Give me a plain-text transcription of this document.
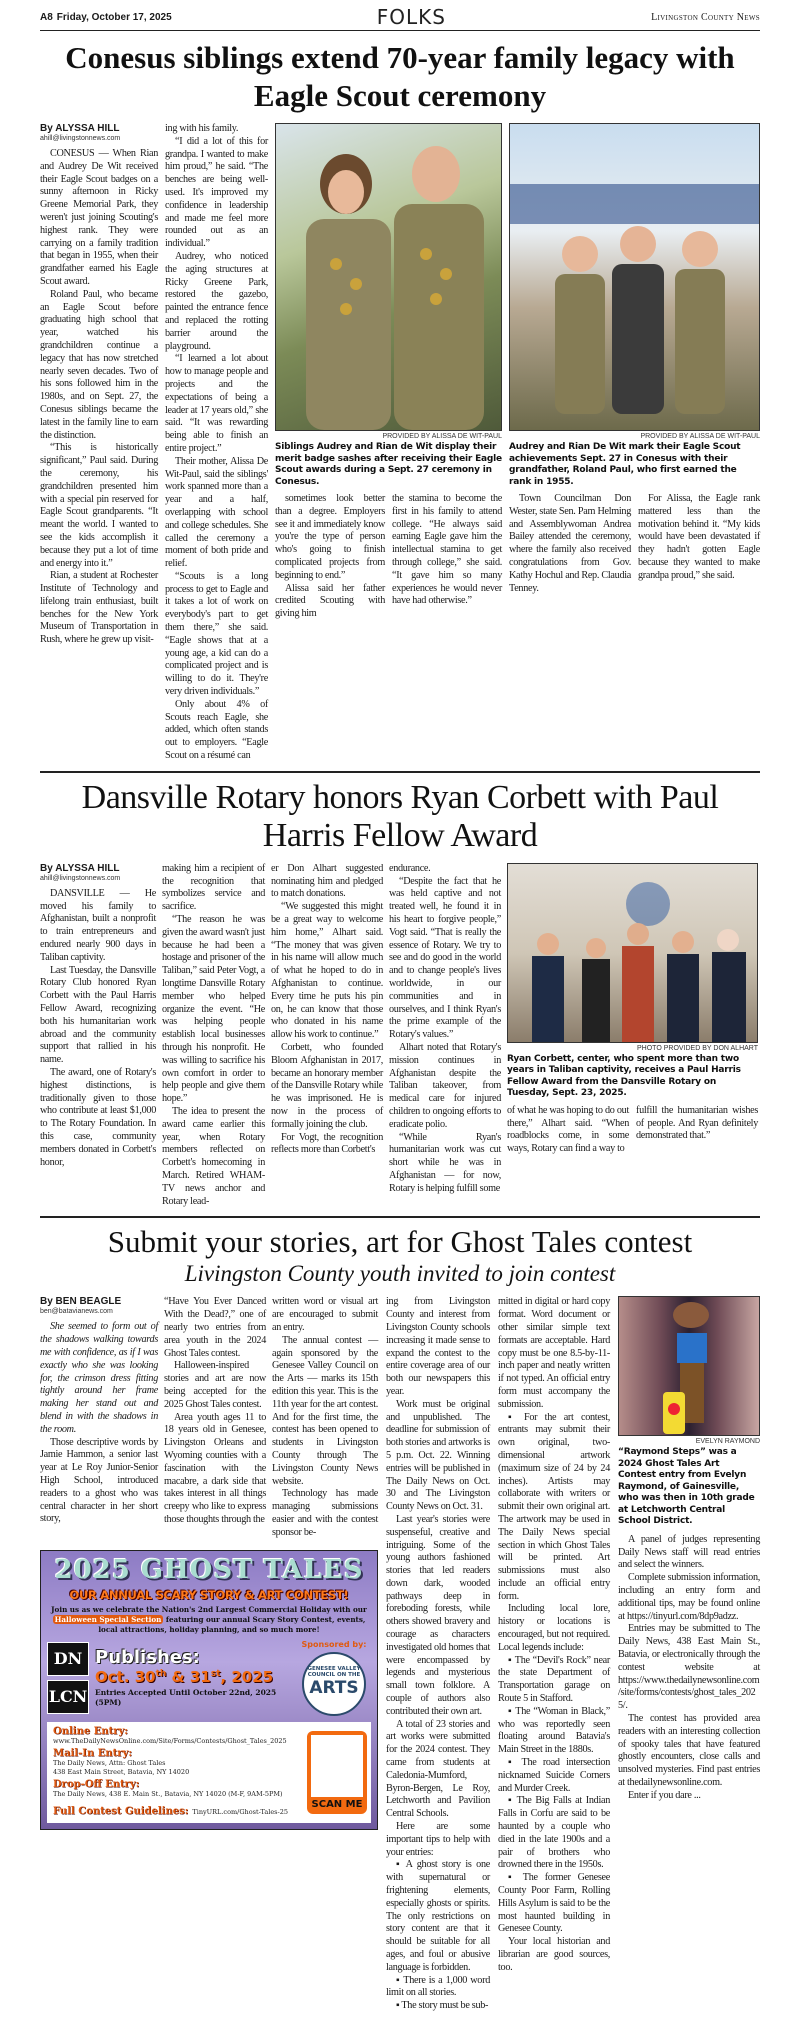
A8 Friday, October 17, 2025	FOLKS	Livingston County News
Conesus siblings extend 70-year family legacy with Eagle Scout ceremony
By ALYSSA HILL
ahill@livingstonnews.com

CONESUS — When Rian and Audrey De Wit received their Eagle Scout badges on a sunny afternoon in Ricky Greene Memorial Park, they weren't just joining Scouting's highest rank. They were carrying on a family tradition that began in 1955, when their grandfather earned his Eagle Scout award.

Roland Paul, who became an Eagle Scout before graduating high school that year, watched his grandchildren continue a legacy that has now stretched nearly seven decades. Two of his sons followed him in the 1980s, and on Sept. 27, the Conesus siblings became the latest in the family line to earn the distinction.

“This is historically significant,” Paul said. During the ceremony, his grandchildren presented him with a special pin reserved for Eagle Scout grandparents. “It meant the world. I wanted to see the kids accomplish it because they put a lot of time and energy into it.”

Rian, a student at Rochester Institute of Technology and lifelong train enthusiast, built benches for the New York Museum of Transportation in Rush, where he grew up visit-

ing with his family.

“I did a lot of this for grandpa. I wanted to make him proud,” he said. “The benches are being well-used. It's improved my confidence in leadership and made me feel more rounded out as an individual.”

Audrey, who noticed the aging structures at Ricky Greene Park, restored the gazebo, painted the entrance fence and replaced the rotting barrier around the playground.

“I learned a lot about how to manage people and projects and the expectations of being a leader at 17 years old,” she said. “It was rewarding being able to finish an entire project.”

Their mother, Alissa De Wit-Paul, said the siblings' work spanned more than a year and a half, overlapping with school and college schedules. She called the ceremony a moment of both pride and relief.

“Scouts is a long process to get to Eagle and it takes a lot of work on everybody's part to get them there,” she said. “Eagle shows that at a young age, a kid can do a complicated project and is willing to do it. They're very driven individuals.”

Only about 4% of Scouts reach Eagle, she added, which often stands out to employers. “Eagle Scout on a résumé can

PROVIDED BY ALISSA DE WIT-PAUL
Siblings Audrey and Rian de Wit display their merit badge sashes after receiving their Eagle Scout awards during a Sept. 27 ceremony in Conesus.

sometimes look better than a degree. Employers see it and immediately know you're the type of person who's going to finish complicated projects from beginning to end.”

Alissa said her father credited Scouting with giving him

the stamina to become the first in his family to attend college. “He always said earning Eagle gave him the intellectual stamina to get through college,” she said. “It gave him so many experiences he would never have had otherwise.”

PROVIDED BY ALISSA DE WIT-PAUL
Audrey and Rian De Wit mark their Eagle Scout achievements Sept. 27 in Conesus with their grandfather, Roland Paul, who first earned the rank in 1955.

Town Councilman Don Wester, state Sen. Pam Helming and Assemblywoman Andrea Bailey attended the ceremony, where the family also received congratulations from Gov. Kathy Hochul and Rep. Claudia Tenney.

For Alissa, the Eagle rank mattered less than the motivation behind it. “My kids would have been devastated if they hadn't gotten Eagle because they wanted to make grandpa proud,” she said.

Dansville Rotary honors Ryan Corbett with Paul Harris Fellow Award
By ALYSSA HILL
ahill@livingstonnews.com

DANSVILLE — He moved his family to Afghanistan, built a nonprofit to train entrepreneurs and endured nearly 900 days in Taliban captivity.

Last Tuesday, the Dansville Rotary Club honored Ryan Corbett with the Paul Harris Fellow Award, recognizing both his humanitarian work abroad and the community support that rallied in his name.

The award, one of Rotary's highest distinctions, is traditionally given to those who contribute at least $1,000 to The Rotary Foundation. In this case, community members donated in Corbett's honor,

making him a recipient of the recognition that symbolizes service and sacrifice.

“The reason he was given the award wasn't just because he had been a hostage and prisoner of the Taliban,” said Peter Vogt, a longtime Dansville Rotary member who helped organize the event. “He was helping people establish local businesses through his nonprofit. He was willing to sacrifice his own comfort in order to help people and give them hope.”

The idea to present the award came earlier this year, when Rotary members reflected on Corbett's homecoming in March. Retired WHAM-TV news anchor and Rotary lead-

er Don Alhart suggested nominating him and pledged to match donations.

“We suggested this might be a great way to welcome him home,” Alhart said. “The money that was given in his name will allow much of what he hoped to do in Afghanistan to continue. Every time he puts his pin on, he can know that those who donated in his name allow his work to continue.”

Corbett, who founded Bloom Afghanistan in 2017, became an honorary member of the Dansville Rotary while he was imprisoned. He is now in the process of formally joining the club.

For Vogt, the recognition reflects more than Corbett's

endurance.

“Despite the fact that he was held captive and not treated well, he found it in his heart to forgive people,” Vogt said. “That is really the essence of Rotary. We try to see and do good in the world and to change people's lives worldwide, in our communities and in ourselves, and I think Ryan's the prime example of the Rotary's values.”

Alhart noted that Rotary's mission continues in Afghanistan despite the Taliban takeover, from medical care for injured children to ongoing efforts to eradicate polio.

“While Ryan's humanitarian work was cut short while he was in Afghanistan — for now, Rotary is helping fulfill some

PHOTO PROVIDED BY DON ALHART
Ryan Corbett, center, who spent more than two years in Taliban captivity, receives a Paul Harris Fellow Award from the Dansville Rotary on Tuesday, Sept. 23, 2025.

of what he was hoping to do out there,” Alhart said. “When roadblocks come, in some ways, Rotary can find a way to

fulfill the humanitarian wishes of people. And Ryan definitely demonstrated that.”

Submit your stories, art for Ghost Tales contest
Livingston County youth invited to join contest
By BEN BEAGLE
ben@batavianews.com

She seemed to form out of the shadows walking towards me with confidence, as if I was exactly who she was looking for, the crimson dress fitting tightly around her frame making her stand out and blend in with the shadows in the room.

Those descriptive words by Jamie Hammon, a senior last year at Le Roy Junior-Senior High School, introduced readers to a ghost who was central character in her short story,

“Have You Ever Danced With the Dead?,” one of nearly two entries from area youth in the 2024 Ghost Tales contest.

Halloween-inspired stories and art are now being accepted for the 2025 Ghost Tales contest.

Area youth ages 11 to 18 years old in Genesee, Livingston Orleans and Wyoming counties with a fascination with the macabre, a dark side that takes interest in all things creepy who like to express those thoughts through the

written word or visual art are encouraged to submit an entry.

The annual contest — again sponsored by the Genesee Valley Council on the Arts — marks its 15th edition this year. This is the 11th year for the art contest. And for the first time, the contest has been opened to students in Livingston County through The Livingston County News website.

Technology has made managing submissions easier and with the contest sponsor be-

2025 GHOST TALES
OUR ANNUAL SCARY STORY & ART CONTEST!
Join us as we celebrate the Nation's 2nd Largest Commercial Holiday with our Halloween Special Section featuring our annual Scary Story Contest, events, local attractions, holiday planning, and so much more!
DN
LCN
Publishes:
Oct. 30th & 31st, 2025
Entries Accepted Until October 22nd, 2025 (5PM)
Sponsored by:
GENESEE VALLEY COUNCIL ON THE
ARTS
Online Entry:
www.TheDailyNewsOnline.com/Site/Forms/Contests/Ghost_Tales_2025
Mail-In Entry:
The Daily News, Attn: Ghost Tales
438 East Main Street, Batavia, NY 14020
Drop-Off Entry:
The Daily News, 438 E. Main St., Batavia, NY 14020 (M-F, 9AM-5PM)
Full Contest Guidelines: TinyURL.com/Ghost-Tales-25
SCAN ME

ing from Livingston County and interest from Livingston County schools increasing it made sense to expand the contest to the entire coverage area of our both our newspapers this year.

Work must be original and unpublished. The deadline for submission of both stories and artworks is 5 p.m. Oct. 22. Winning entries will be published in The Daily News on Oct. 30 and The Livingston County News on Oct. 31.

Last year's stories were suspenseful, creative and intriguing. Some of the young authors fashioned stories that led readers down dark, wooded pathways deep in foreboding forests, while others showed bravery and courage as characters investigated old homes that were encompassed by legends and mysterious small town folklore. A couple of authors also contributed their own art.

A total of 23 stories and art works were submitted for the 2024 contest. They came from students at Caledonia-Mumford, Byron-Bergen, Le Roy, Letchworth and Pavilion Central Schools.

Here are some important tips to help with your entries:

▪ A ghost story is one with supernatural or frightening elements, especially ghosts or spirits. The only restrictions on story content are that it should be suitable for all ages, and foul or abusive language is forbidden.

▪ There is a 1,000 word limit on all stories.

▪ The story must be sub-

mitted in digital or hard copy format. Word document or other similar simple text formats are acceptable. Hard copy must be one 8.5-by-11-inch paper and neatly written if not typed. An official entry form must accompany the submission.

▪ For the art contest, entrants may submit their own original, two-dimensional artwork (maximum size of 24 by 24 inches). Artists may collaborate with writers or submit their own original art. The artwork may be used in The Daily News special section in which Ghost Tales will be printed. Art submissions must also include an official entry form.

Including local lore, history or locations is encouraged, but not required. Local legends include:

▪ The “Devil's Rock” near the state Department of Transportation garage on Route 5 in Stafford.

▪ The “Woman in Black,” who was reportedly seen floating around Batavia's Main Street in the 1880s.

▪ The road intersection nicknamed Suicide Corners and Murder Creek.

▪ The Big Falls at Indian Falls in Corfu are said to be haunted by a couple who died in the late 1900s and a pair of brothers who drowned there in the 1950s.

▪ The former Genesee County Poor Farm, Rolling Hills Asylum is said to be the most haunted building in Genesee County.

Your local historian and librarian are good sources, too.

EVELYN RAYMOND
“Raymond Steps” was a 2024 Ghost Tales Art Contest entry from Evelyn Raymond, of Gainesville, who was then in 10th grade at Letchworth Central School District.

A panel of judges representing Daily News staff will read entries and select the winners.

Complete submission information, including an entry form and additional tips, may be found online at https://tinyurl.com/8dp9adzz.

Entries may be submitted to The Daily News, 438 East Main St., Batavia, or electronically through the contest website at https://www.thedailynewsonline.com/site/forms/contests/ghost_tales_2025/.

The contest has provided area readers with an interesting collection of spooky tales that have featured ghostly encounters, close calls and unsolved mysteries. Find past entries at thedailynewsonline.com.

Enter if you dare ...
